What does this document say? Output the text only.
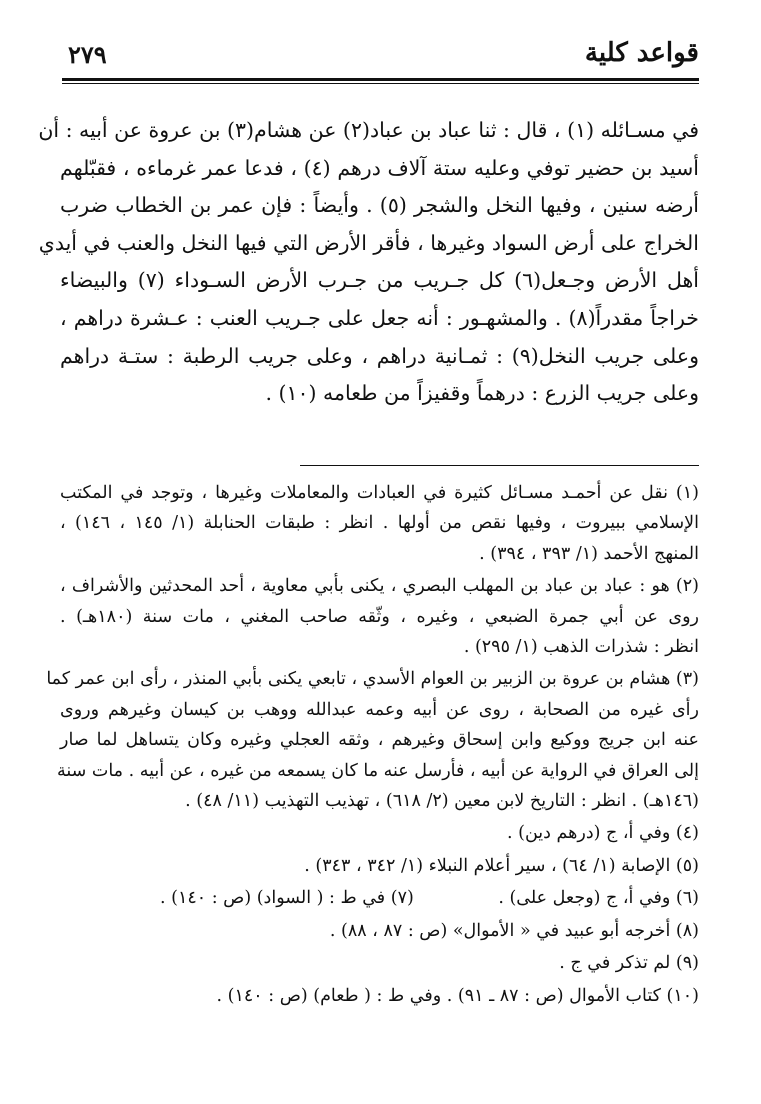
قواعد كلية
٢٧٩
في مسـائله (١) ، قال : ثنا عباد بن عباد(٢) عن هشام(٣) بن عروة عن أبيه : أن
أسيد بن حضير توفي وعليه ستة آلاف درهم (٤) ، فدعا عمر غرماءه ، فقبّلهم
أرضه سنين ، وفيها النخل والشجر (٥) . وأيضاً : فإن عمر بن الخطاب ضرب
الخراج على أرض السواد وغيرها ، فأقر الأرض التي فيها النخل والعنب في أيدي
أهل الأرض وجـعل(٦) كل جـريب من جـرب الأرض السـوداء (٧) والبيضاء
خراجاً مقدراً(٨) . والمشهـور : أنه جعل على جـريب العنب : عـشرة دراهم ،
وعلى جريب النخل(٩) : ثمـانية دراهم ، وعلى جريب الرطبة : ستـة دراهم
وعلى جريب الزرع : درهماً وقفيزاً من طعامه (١٠) .
(١) نقل عن أحمـد مسـائل كثيرة في العبادات والمعاملات وغيرها ، وتوجد في المكتب
الإسلامي ببيروت ، وفيها نقص من أولها . انظر : طبقات الحنابلة (١/ ١٤٥ ، ١٤٦) ،
المنهج الأحمد (١/ ٣٩٣ ، ٣٩٤) .
(٢) هو : عباد بن عباد بن المهلب البصري ، يكنى بأبي معاوية ، أحد المحدثين والأشراف ،
روى عن أبي جمرة الضبعي ، وغيره ، وثّقه صاحب المغني ، مات سنة (١٨٠هـ) .
انظر : شذرات الذهب (١/ ٢٩٥) .
(٣) هشام بن عروة بن الزبير بن العوام الأسدي ، تابعي يكنى بأبي المنذر ، رأى ابن عمر كما
رأى غيره من الصحابة ، روى عن أبيه وعمه عبدالله ووهب بن كيسان وغيرهم وروى
عنه ابن جريج ووكيع وابن إسحاق وغيرهم ، وثقه العجلي وغيره وكان يتساهل لما صار
إلى العراق في الرواية عن أبيه ، فأرسل عنه ما كان يسمعه من غيره ، عن أبيه . مات سنة
(١٤٦هـ) . انظر : التاريخ لابن معين (٢/ ٦١٨) ، تهذيب التهذيب (١١/ ٤٨) .
(٤) وفي أ، ج (درهم دين) .
(٥) الإصابة (١/ ٦٤) ، سير أعلام النبلاء (١/ ٣٤٢ ، ٣٤٣) .
(٦) وفي أ، ج (وجعل على) .
(٧) في ط : ( السواد) (ص : ١٤٠) .
(٨) أخرجه أبو عبيد في « الأموال» (ص : ٨٧ ، ٨٨) .
(٩) لم تذكر في ج .
(١٠) كتاب الأموال (ص : ٨٧ ـ ٩١) . وفي ط : ( طعام) (ص : ١٤٠) .
